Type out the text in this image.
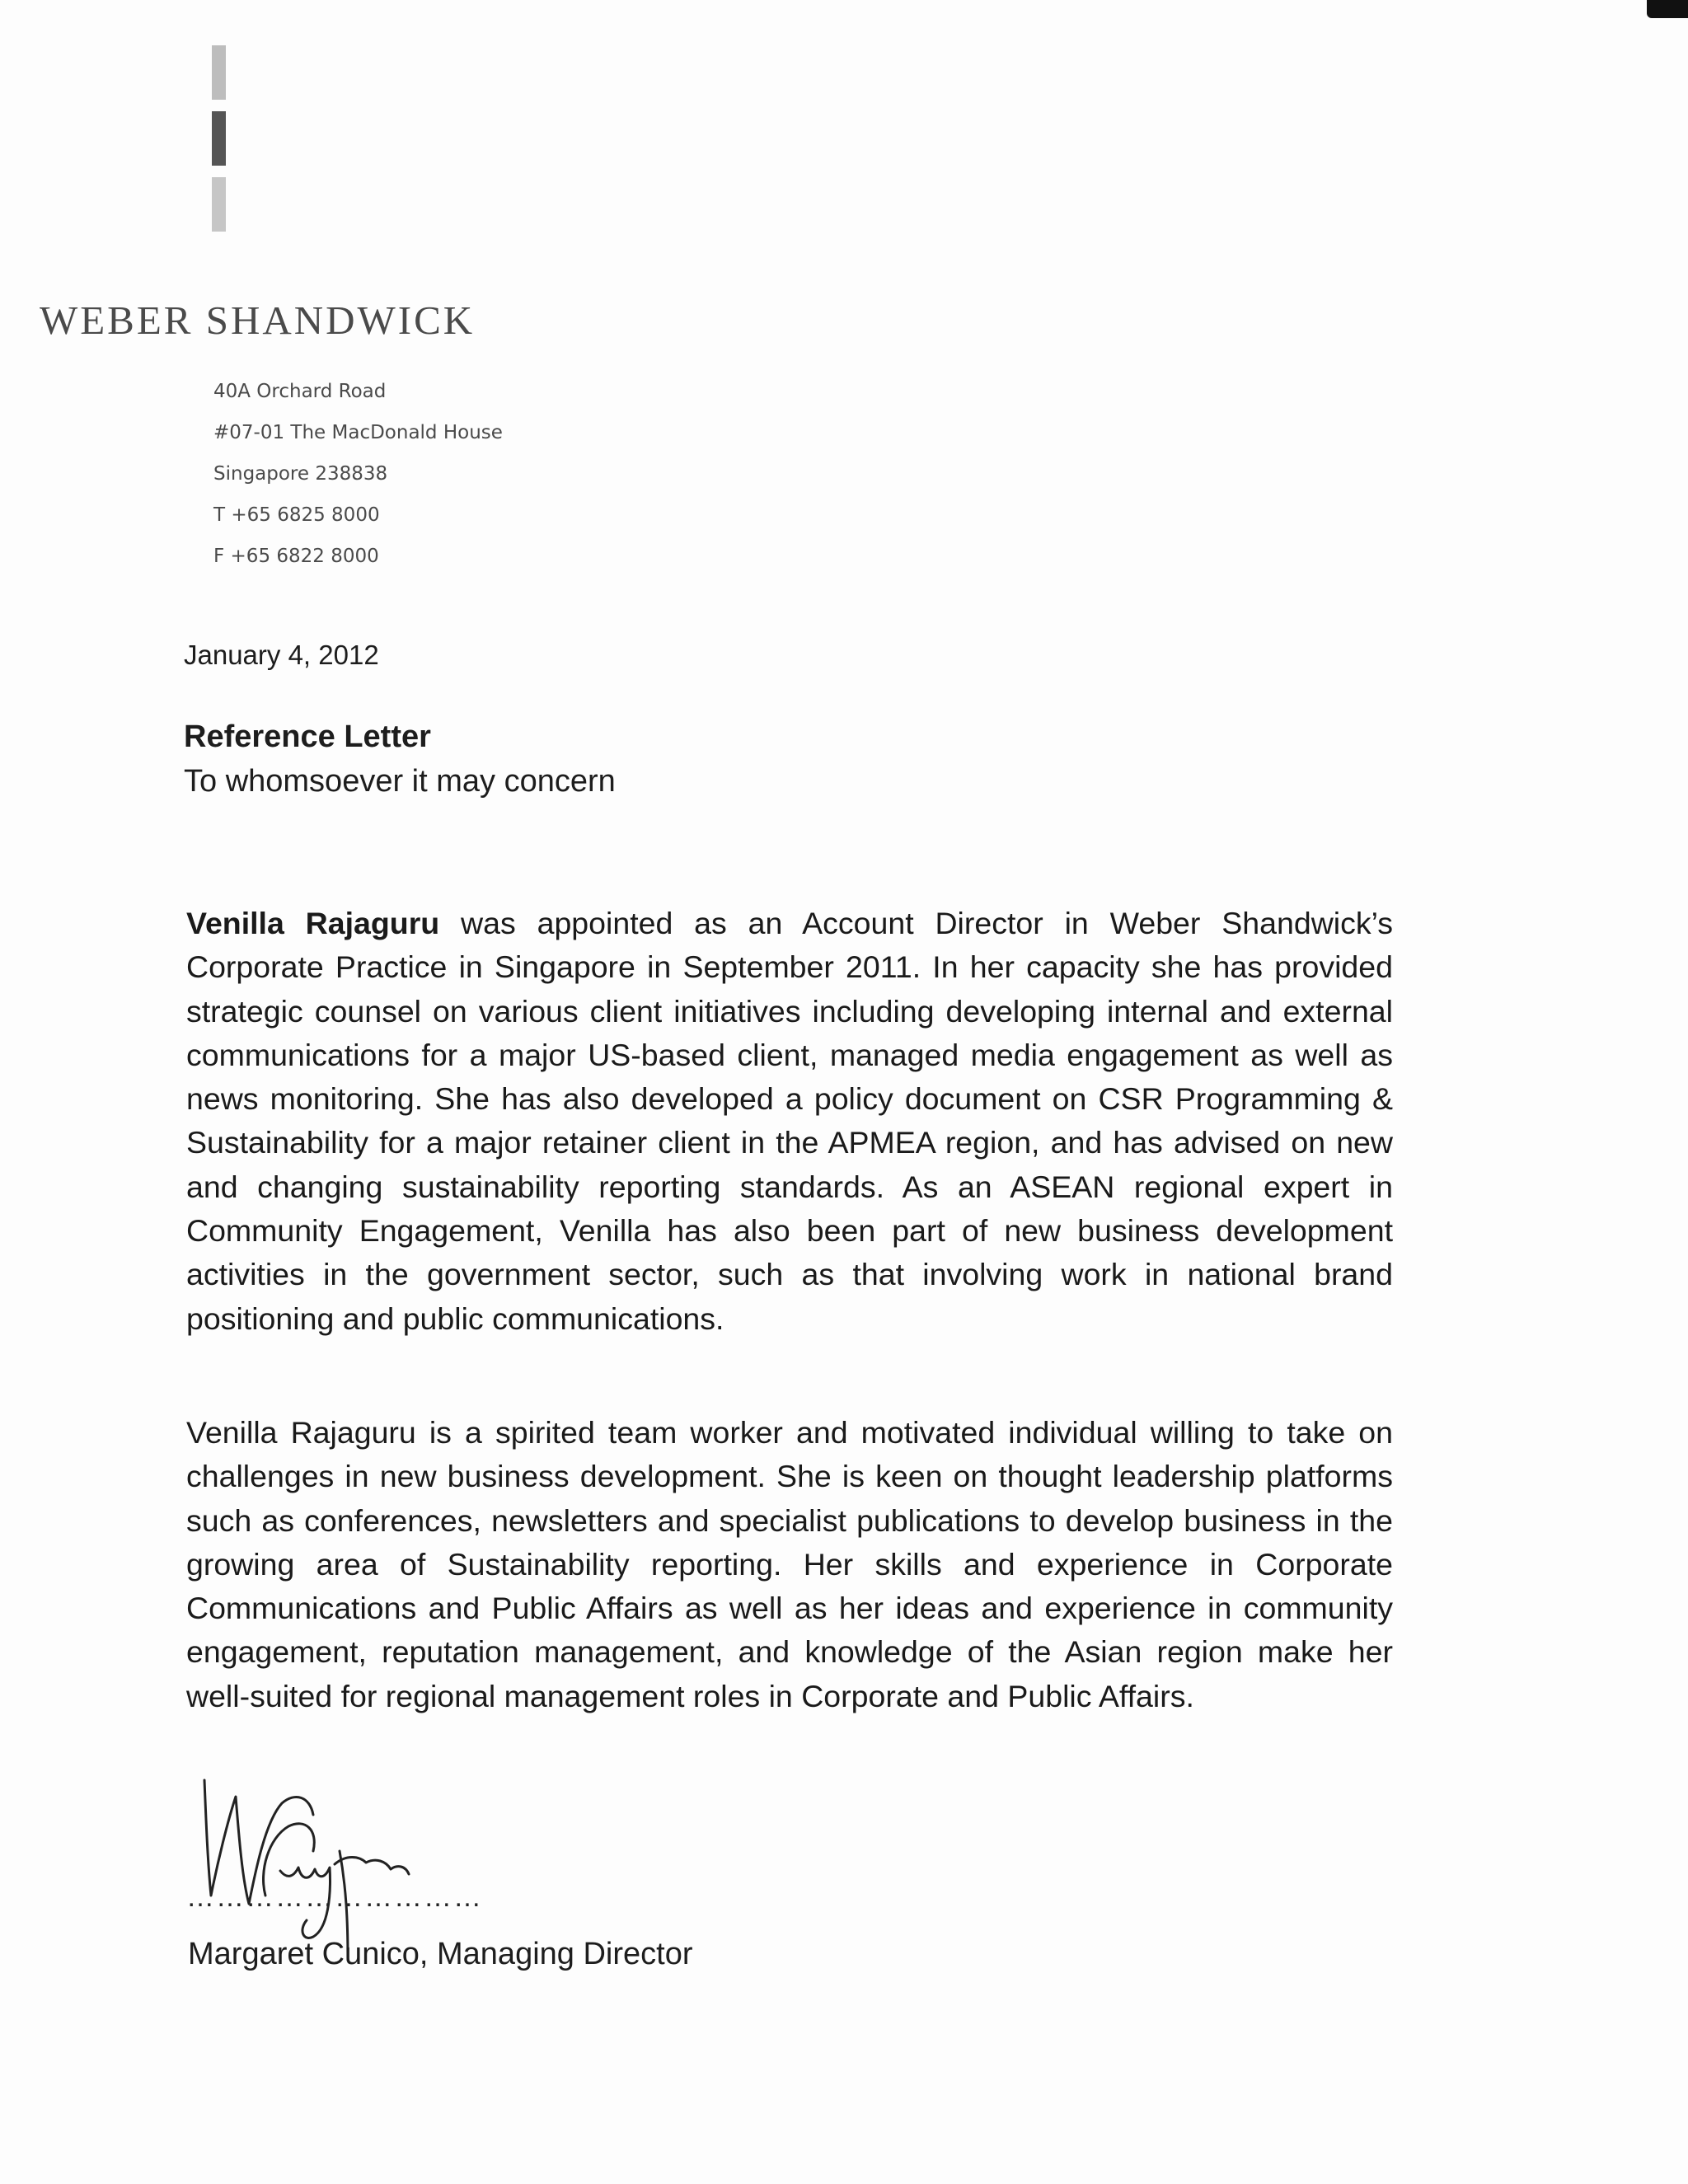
WEBER SHANDWICK
40A Orchard Road
#07-01 The MacDonald House
Singapore 238838
T +65 6825 8000
F +65 6822 8000
January 4, 2012
Reference Letter
To whomsoever it may concern

Venilla Rajaguru was appointed as an Account Director in Weber Shandwick’s Corporate Practice in Singapore in September 2011. In her capacity she has provided strategic counsel on various client initiatives including developing internal and external communications for a major US-based client, managed media engagement as well as news monitoring. She has also developed a policy document on CSR Programming & Sustainability for a major retainer client in the APMEA region, and has advised on new and changing sustainability reporting standards. As an ASEAN regional expert in Community Engagement, Venilla has also been part of new business development activities in the government sector, such as that involving work in national brand positioning and public communications.

Venilla Rajaguru is a spirited team worker and motivated individual willing to take on challenges in new business development. She is keen on thought leadership platforms such as conferences, newsletters and specialist publications to develop business in the growing area of Sustainability reporting. Her skills and experience in Corporate Communications and Public Affairs as well as her ideas and experience in community engagement, reputation management, and knowledge of the Asian region make her well-suited for regional management roles in Corporate and Public Affairs.

…………………………
Margaret Cunico, Managing Director
